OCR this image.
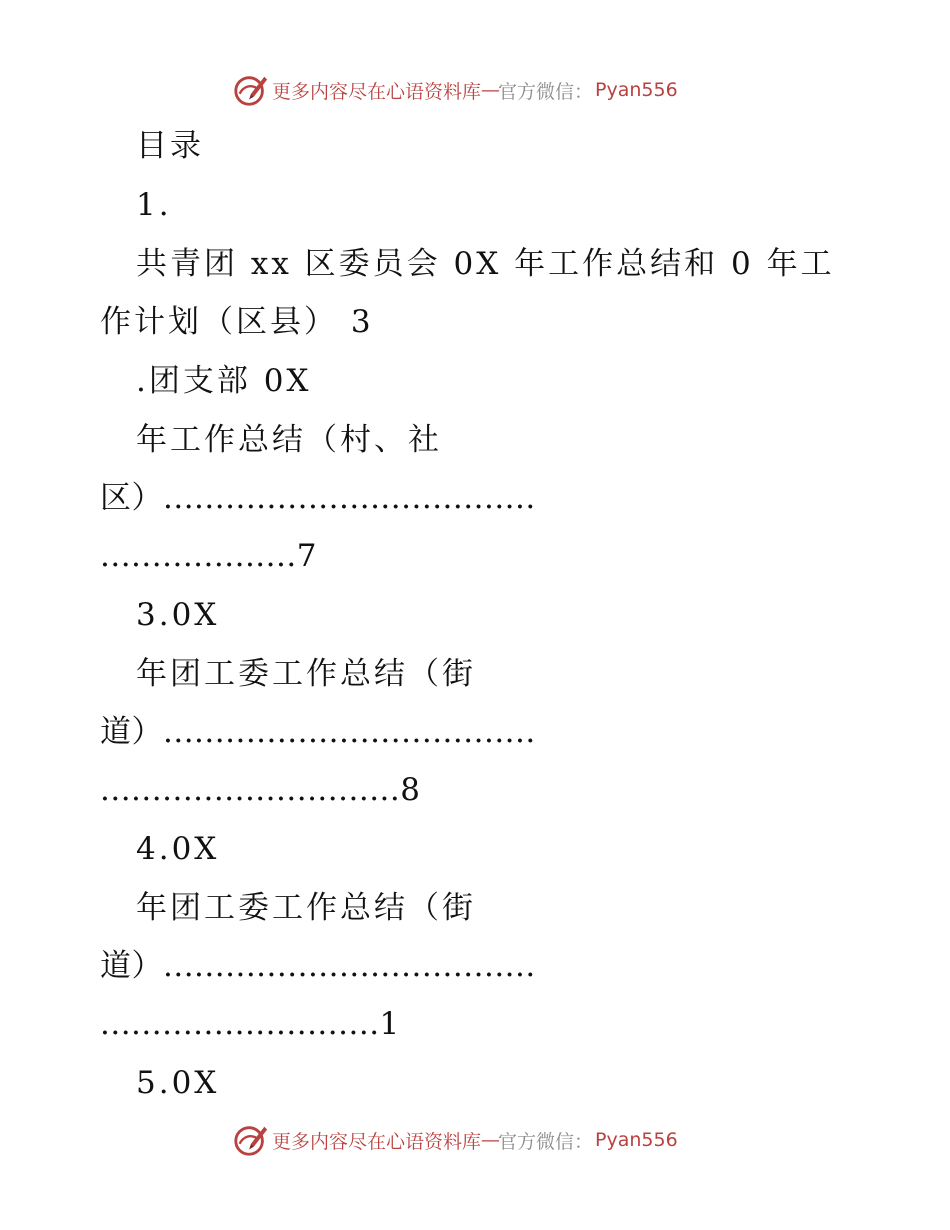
更多内容尽在心语资料库 — 官方微信： Pyan556
目录
1.
共青团 xx 区委员会 0X 年工作总结和 0 年工
作计划（区县） 3
.团支部 0X
年工作总结（村、社
区）....................................
...................7
3.0X
年团工委工作总结（街
道）....................................
.............................8
4.0X
年团工委工作总结（街
道）....................................
...........................1
5.0X
更多内容尽在心语资料库 — 官方微信： Pyan556
